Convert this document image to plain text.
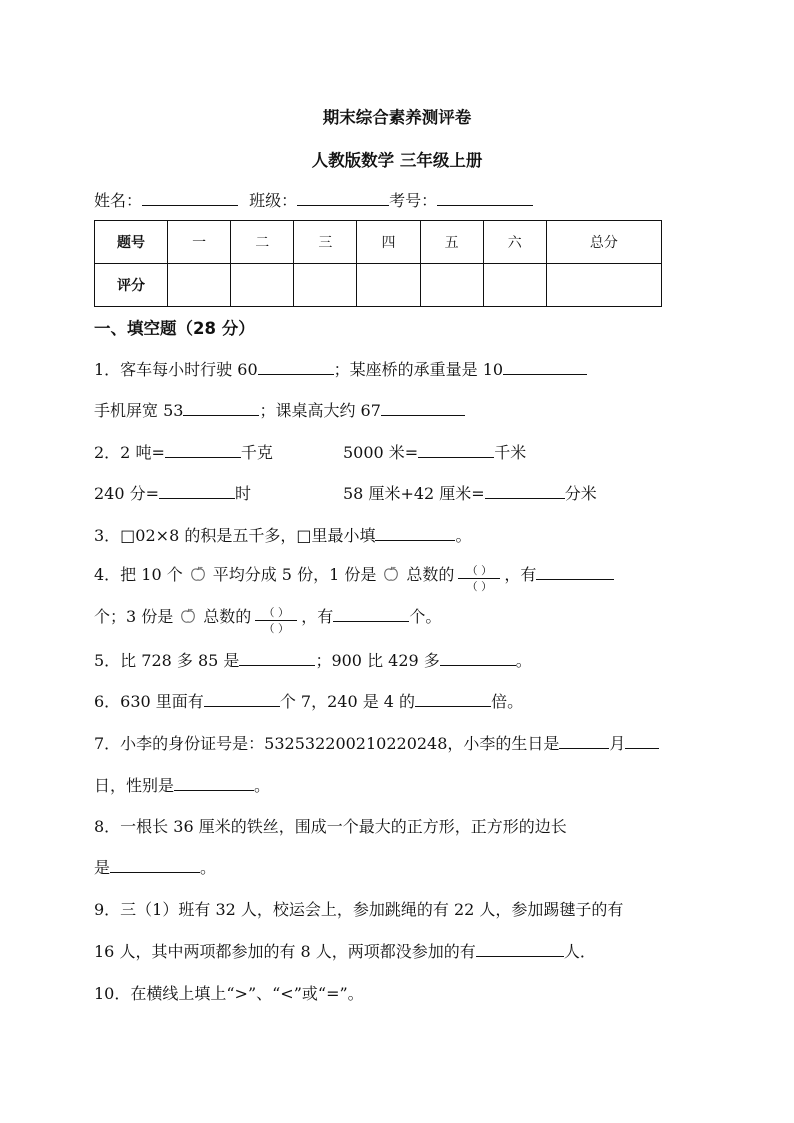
期末综合素养测评卷
人教版数学 三年级上册
姓名：	班级：	考号：
题号	一	二	三	四	五	六	总分
评分							
一、填空题（28 分）
1．客车每小时行驶 60	；某座桥的承重量是 10
手机屏宽 53	；课桌高大约 67
2．2 吨=	千克	5000 米=	千米
240 分=	时	58 厘米+42 厘米=	分米
3．□02×8 的积是五千多，□里最小填	。
4．把 10 个 平均分成 5 份，1 份是 总数的 $\frac{( )}{( )}$ ，有
个；3 份是 总数的 $\frac{( )}{( )}$ ，有	个。
5．比 728 多 85 是	；900 比 429 多	。
6．630 里面有	个 7，240 是 4 的	倍。
7．小李的身份证号是：532532200210220248，小李的生日是	月
日，性别是	。
8．一根长 36 厘米的铁丝，围成一个最大的正方形，正方形的边长
是	。
9．三（1）班有 32 人，校运会上，参加跳绳的有 22 人，参加踢毽子的有
16 人，其中两项都参加的有 8 人，两项都没参加的有	人．
10．在横线上填上“>”、“<”或“=”。
